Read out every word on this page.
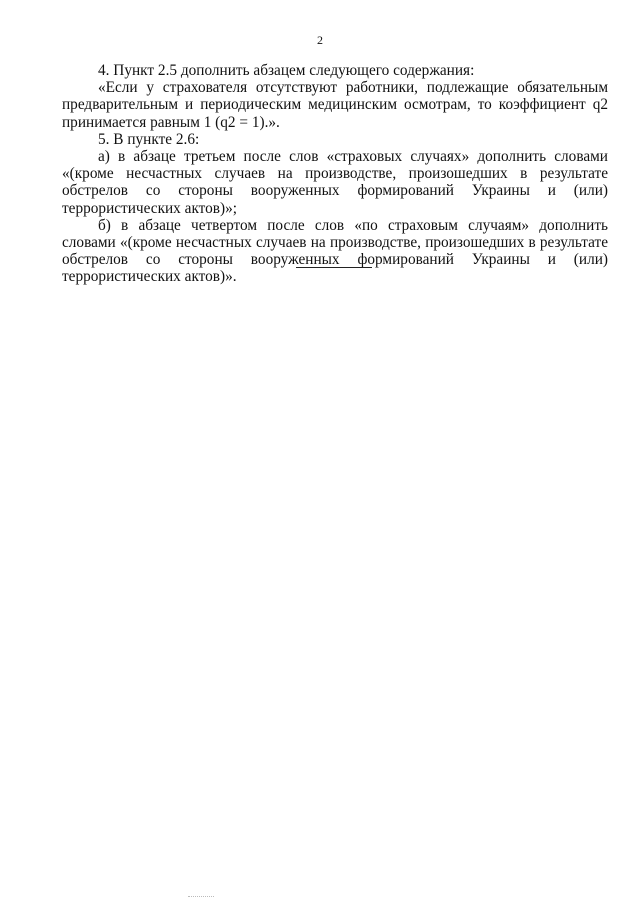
2

4. Пункт 2.5 дополнить абзацем следующего содержания:

«Если у страхователя отсутствуют работники, подлежащие обязательным предварительным и периодическим медицинским осмотрам, то коэффициент q2 принимается равным 1 (q2 = 1).».

5. В пункте 2.6:

а) в абзаце третьем после слов «страховых случаях» дополнить словами «(кроме несчастных случаев на производстве, произошедших в результате обстрелов со стороны вооруженных формирований Украины и (или) террористических актов)»;

б) в абзаце четвертом после слов «по страховым случаям» дополнить словами «(кроме несчастных случаев на производстве, произошедших в результате обстрелов со стороны вооруженных формирований Украины и (или) террористических актов)».
